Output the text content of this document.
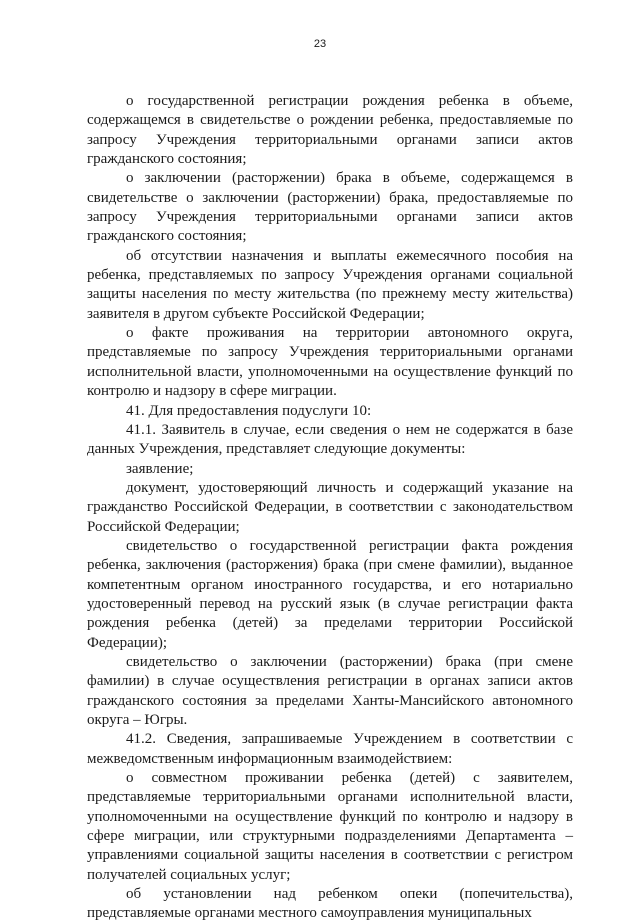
23

о государственной регистрации рождения ребенка в объеме, содержащемся в свидетельстве о рождении ребенка, предоставляемые по запросу Учреждения территориальными органами записи актов гражданского состояния;

о заключении (расторжении) брака в объеме, содержащемся в свидетельстве о заключении (расторжении) брака, предоставляемые по запросу Учреждения территориальными органами записи актов гражданского состояния;

об отсутствии назначения и выплаты ежемесячного пособия на ребенка, представляемых по запросу Учреждения органами социальной защиты населения по месту жительства (по прежнему месту жительства) заявителя в другом субъекте Российской Федерации;

о факте проживания на территории автономного округа, представляемые по запросу Учреждения территориальными органами исполнительной власти, уполномоченными на осуществление функций по контролю и надзору в сфере миграции.

41. Для предоставления подуслуги 10:

41.1. Заявитель в случае, если сведения о нем не содержатся в базе данных Учреждения, представляет следующие документы:

заявление;

документ, удостоверяющий личность и содержащий указание на гражданство Российской Федерации, в соответствии с законодательством Российской Федерации;

свидетельство о государственной регистрации факта рождения ребенка, заключения (расторжения) брака (при смене фамилии), выданное компетентным органом иностранного государства, и его нотариально удостоверенный перевод на русский язык (в случае регистрации факта рождения ребенка (детей) за пределами территории Российской Федерации);

свидетельство о заключении (расторжении) брака (при смене фамилии) в случае осуществления регистрации в органах записи актов гражданского состояния за пределами Ханты-Мансийского автономного округа – Югры.

41.2. Сведения, запрашиваемые Учреждением в соответствии с межведомственным информационным взаимодействием:

о совместном проживании ребенка (детей) с заявителем, представляемые территориальными органами исполнительной власти, уполномоченными на осуществление функций по контролю и надзору в сфере миграции, или структурными подразделениями Департамента – управлениями социальной защиты населения в соответствии с регистром получателей социальных услуг;

об установлении над ребенком опеки (попечительства), представляемые органами местного самоуправления муниципальных
